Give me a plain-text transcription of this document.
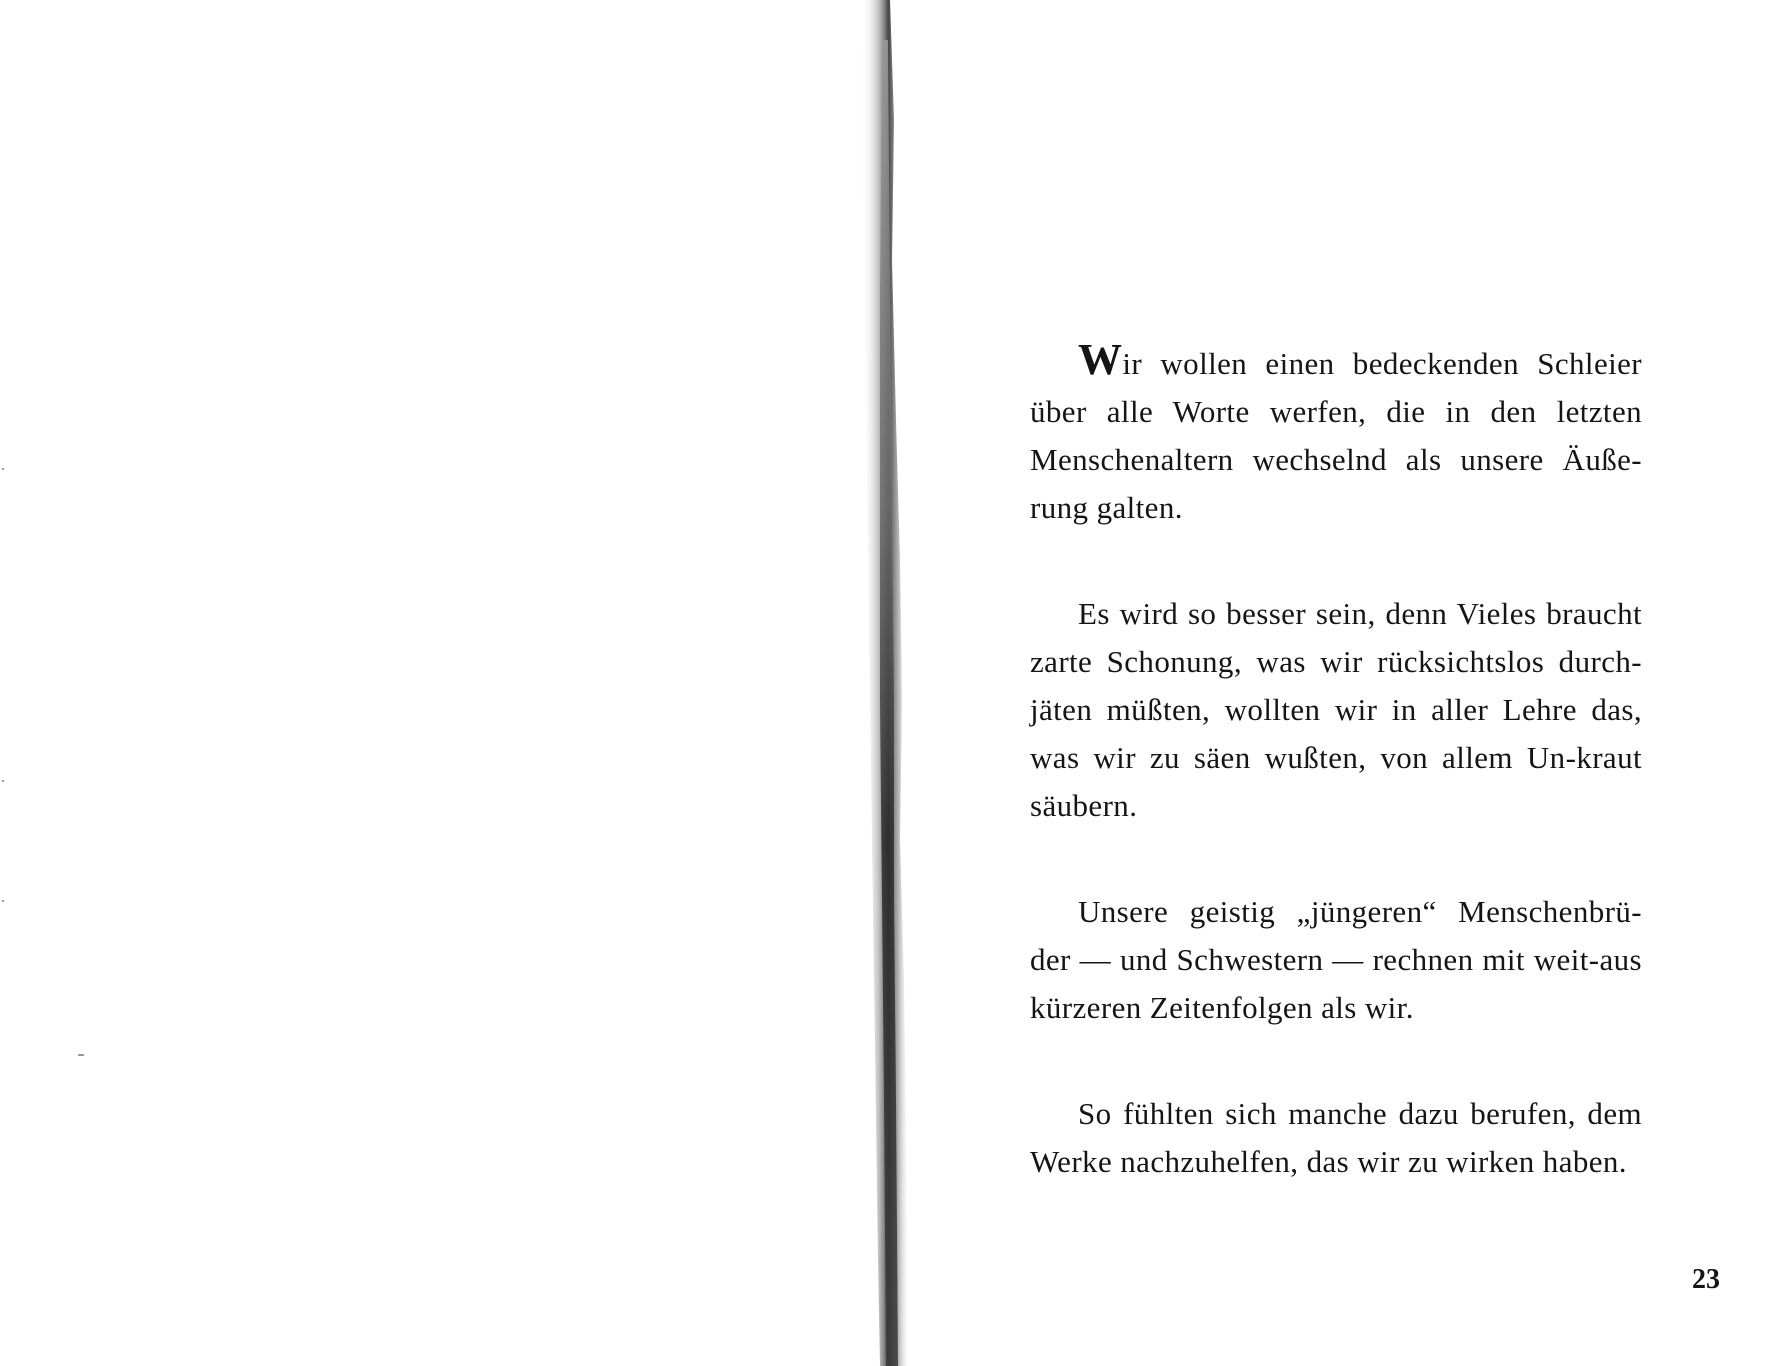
Wir wollen einen bedeckenden Schleier über alle Worte werfen, die in den letzten Menschenaltern wechselnd als unsere Äuße-rung galten.

Es wird so besser sein, denn Vieles braucht zarte Schonung, was wir rücksichtslos durch-jäten müßten, wollten wir in aller Lehre das, was wir zu säen wußten, von allem Un-kraut säubern.

Unsere geistig „jüngeren“ Menschenbrü-der — und Schwestern — rechnen mit weit-aus kürzeren Zeitenfolgen als wir.

So fühlten sich manche dazu berufen, dem Werke nachzuhelfen, das wir zu wirken haben.

23
